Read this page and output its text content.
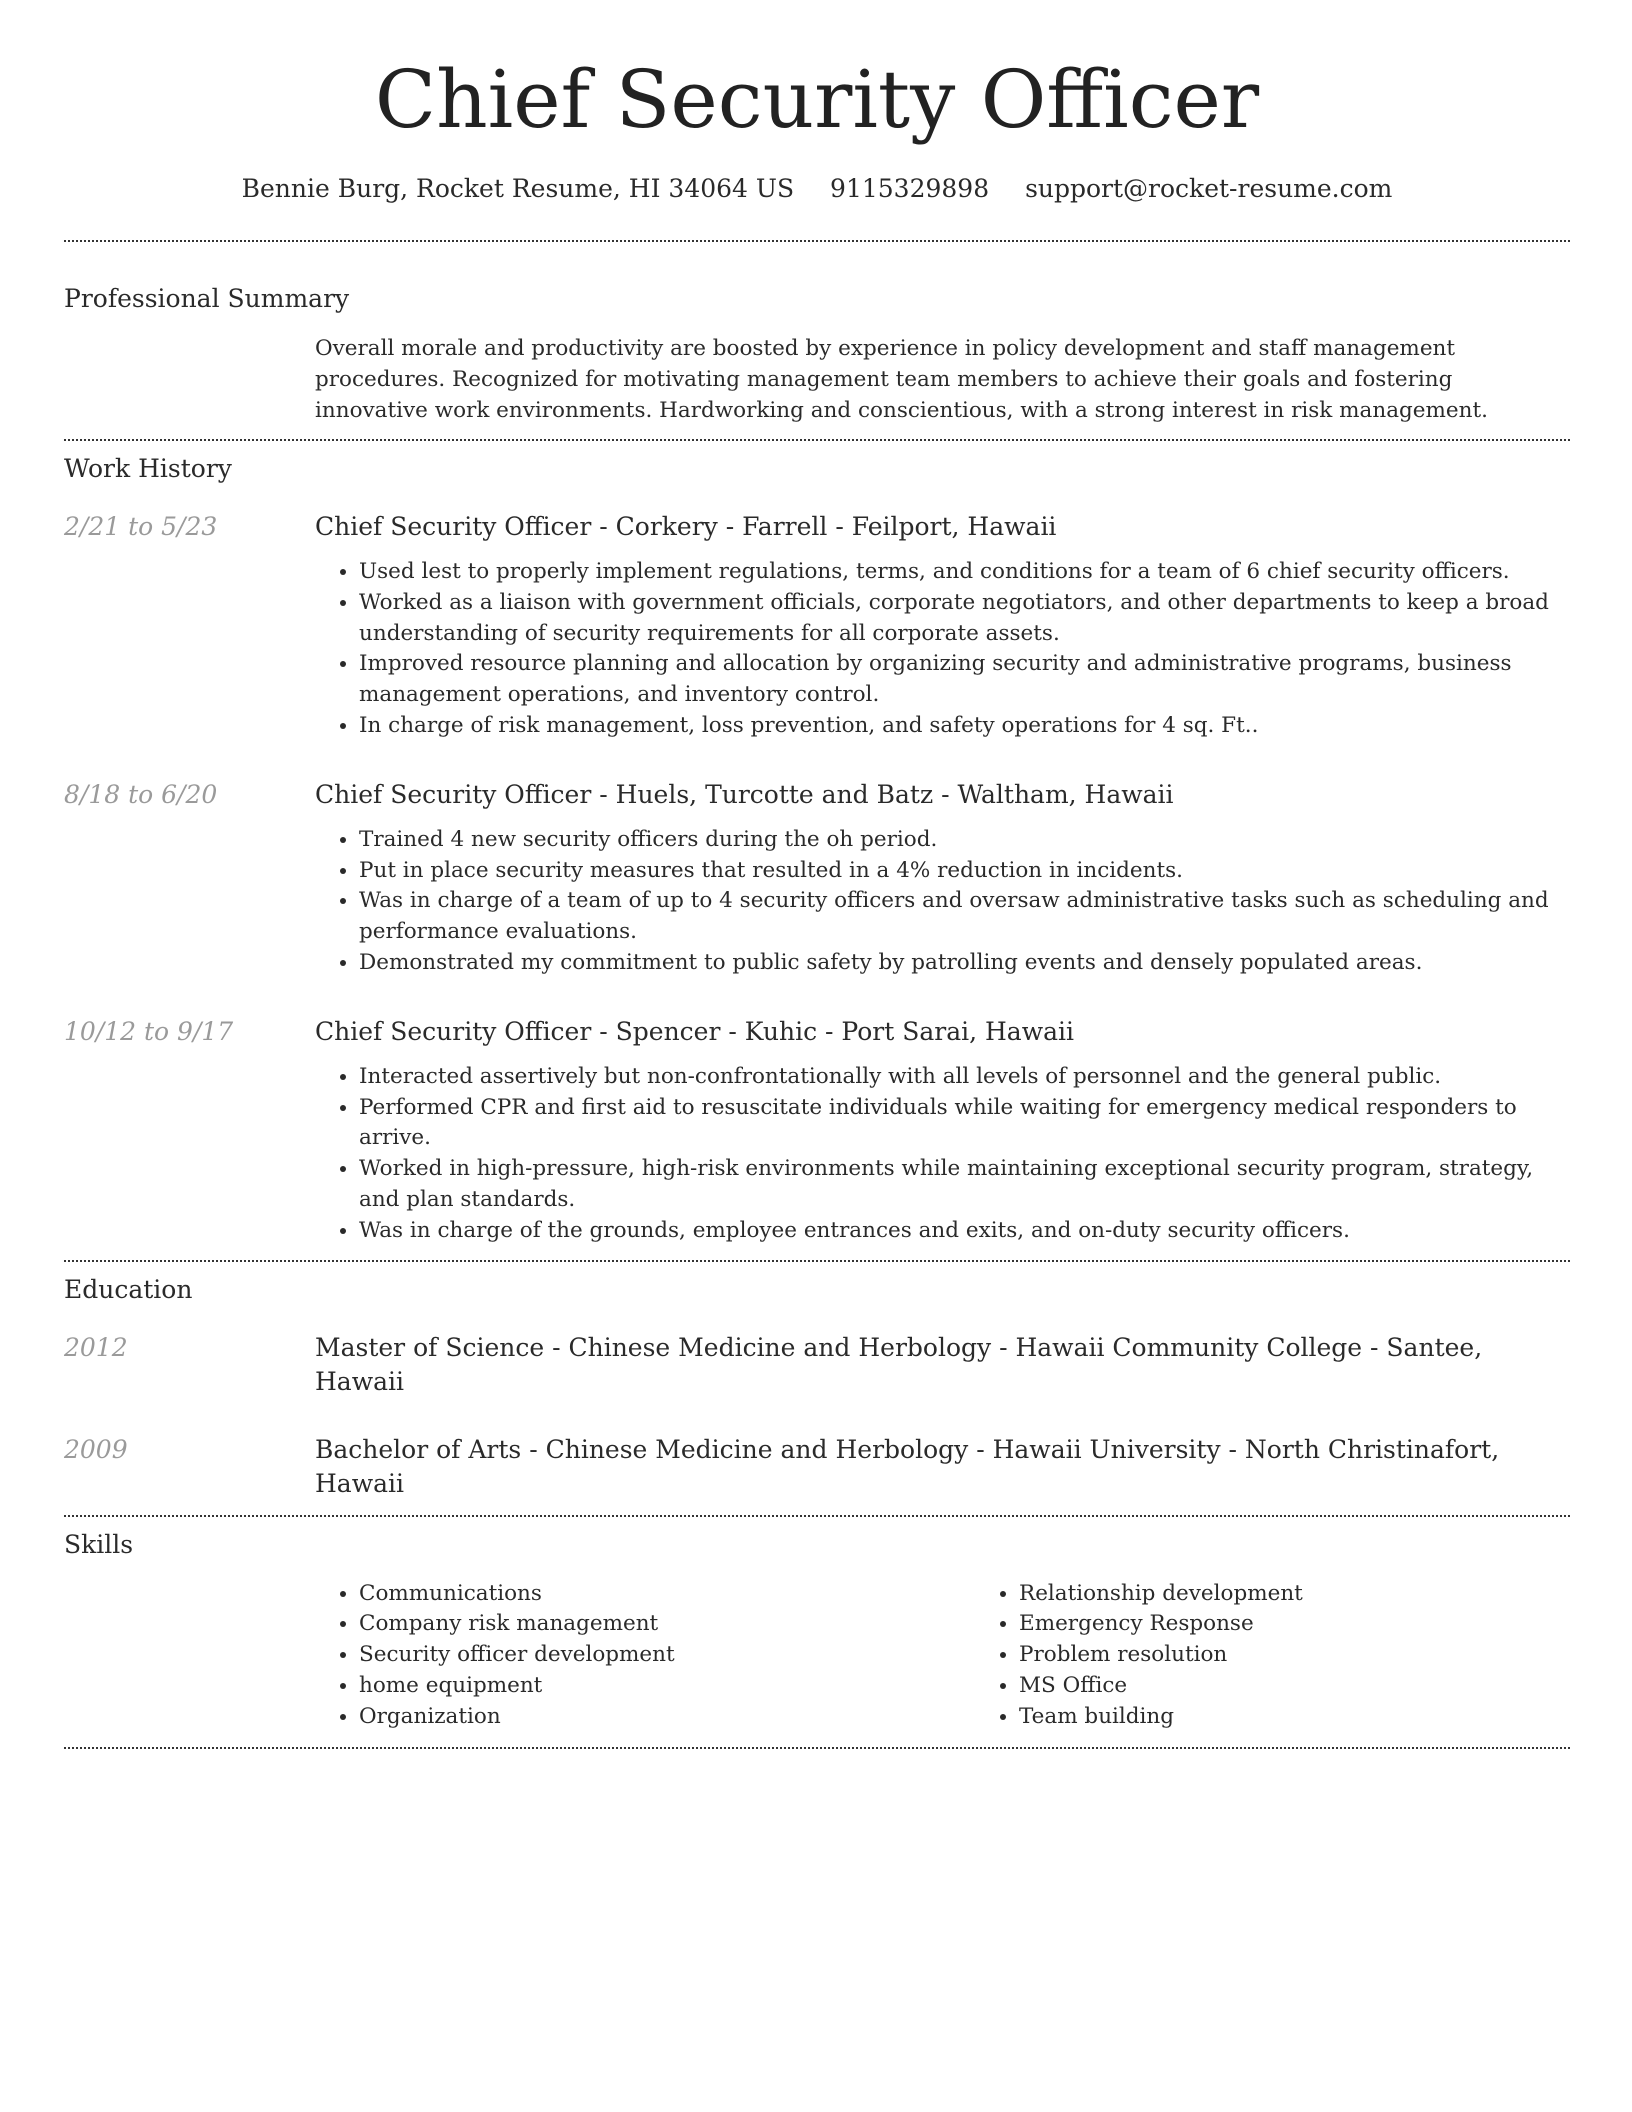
Chief Security Officer
Bennie Burg, Rocket Resume, HI 34064 US 9115329898 support@rocket-resume.com
Professional Summary
Overall morale and productivity are boosted by experience in policy development and staff management procedures. Recognized for motivating management team members to achieve their goals and fostering innovative work environments. Hardworking and conscientious, with a strong interest in risk management.
Work History
2/21 to 5/23	Chief Security Officer - Corkery - Farrell - Feilport, Hawaii
• Used lest to properly implement regulations, terms, and conditions for a team of 6 chief security officers.
• Worked as a liaison with government officials, corporate negotiators, and other departments to keep a broad understanding of security requirements for all corporate assets.
• Improved resource planning and allocation by organizing security and administrative programs, business management operations, and inventory control.
• In charge of risk management, loss prevention, and safety operations for 4 sq. Ft..
8/18 to 6/20	Chief Security Officer - Huels, Turcotte and Batz - Waltham, Hawaii
• Trained 4 new security officers during the oh period.
• Put in place security measures that resulted in a 4% reduction in incidents.
• Was in charge of a team of up to 4 security officers and oversaw administrative tasks such as scheduling and performance evaluations.
• Demonstrated my commitment to public safety by patrolling events and densely populated areas.
10/12 to 9/17	Chief Security Officer - Spencer - Kuhic - Port Sarai, Hawaii
• Interacted assertively but non-confrontationally with all levels of personnel and the general public.
• Performed CPR and first aid to resuscitate individuals while waiting for emergency medical responders to arrive.
• Worked in high-pressure, high-risk environments while maintaining exceptional security program, strategy, and plan standards.
• Was in charge of the grounds, employee entrances and exits, and on-duty security officers.
Education
2012	Master of Science - Chinese Medicine and Herbology - Hawaii Community College - Santee, Hawaii
2009	Bachelor of Arts - Chinese Medicine and Herbology - Hawaii University - North Christinafort, Hawaii
Skills
• Communications
• Company risk management
• Security officer development
• home equipment
• Organization
• Relationship development
• Emergency Response
• Problem resolution
• MS Office
• Team building
